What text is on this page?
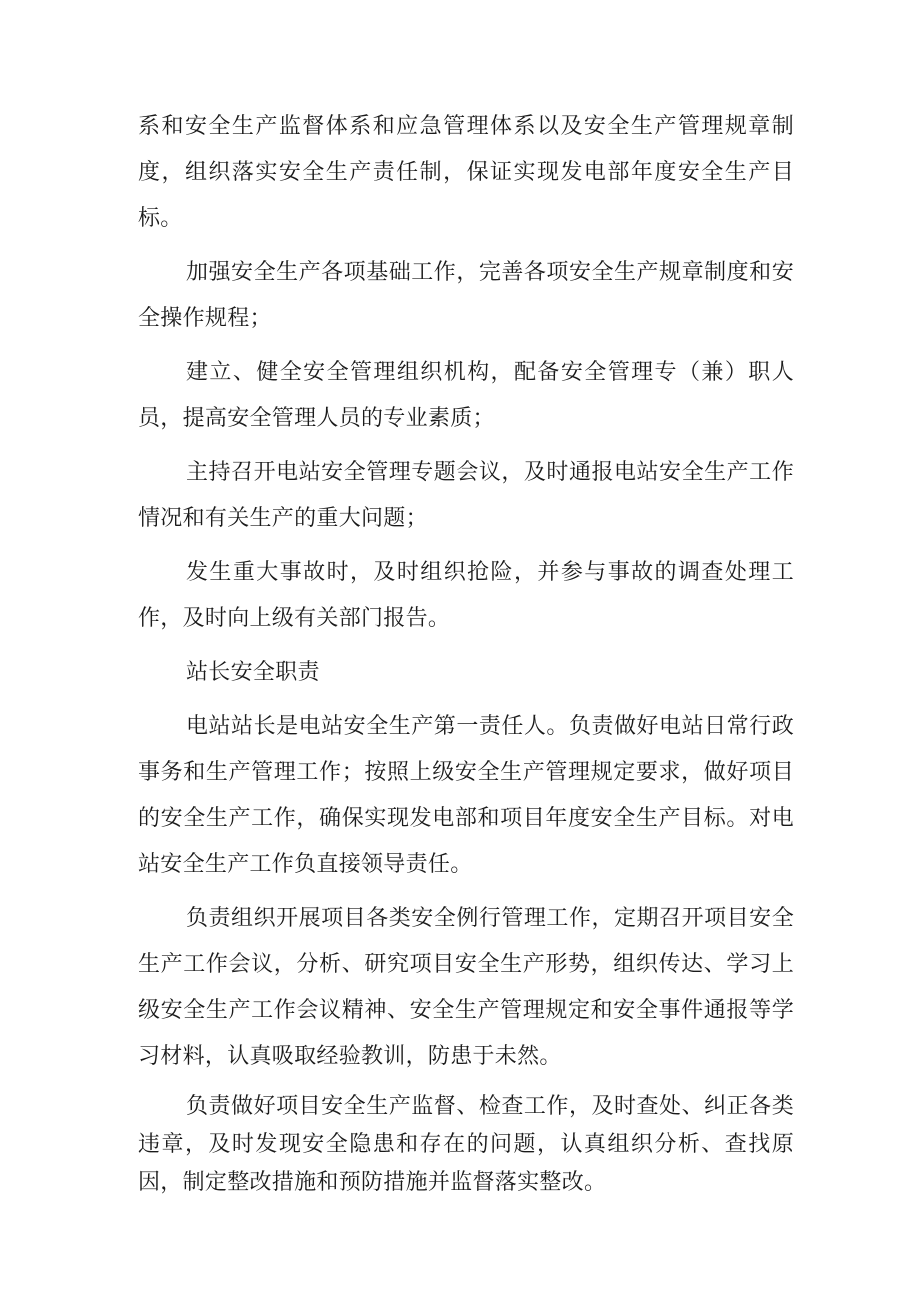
系和安全生产监督体系和应急管理体系以及安全生产管理规章制度，组织落实安全生产责任制，保证实现发电部年度安全生产目标。

加强安全生产各项基础工作，完善各项安全生产规章制度和安全操作规程；

建立、健全安全管理组织机构，配备安全管理专（兼）职人员，提高安全管理人员的专业素质；

主持召开电站安全管理专题会议，及时通报电站安全生产工作情况和有关生产的重大问题；

发生重大事故时，及时组织抢险，并参与事故的调查处理工作，及时向上级有关部门报告。

站长安全职责

电站站长是电站安全生产第一责任人。负责做好电站日常行政事务和生产管理工作；按照上级安全生产管理规定要求，做好项目的安全生产工作，确保实现发电部和项目年度安全生产目标。对电站安全生产工作负直接领导责任。

负责组织开展项目各类安全例行管理工作，定期召开项目安全生产工作会议，分析、研究项目安全生产形势，组织传达、学习上级安全生产工作会议精神、安全生产管理规定和安全事件通报等学习材料，认真吸取经验教训，防患于未然。

负责做好项目安全生产监督、检查工作，及时查处、纠正各类违章，及时发现安全隐患和存在的问题，认真组织分析、查找原因，制定整改措施和预防措施并监督落实整改。
